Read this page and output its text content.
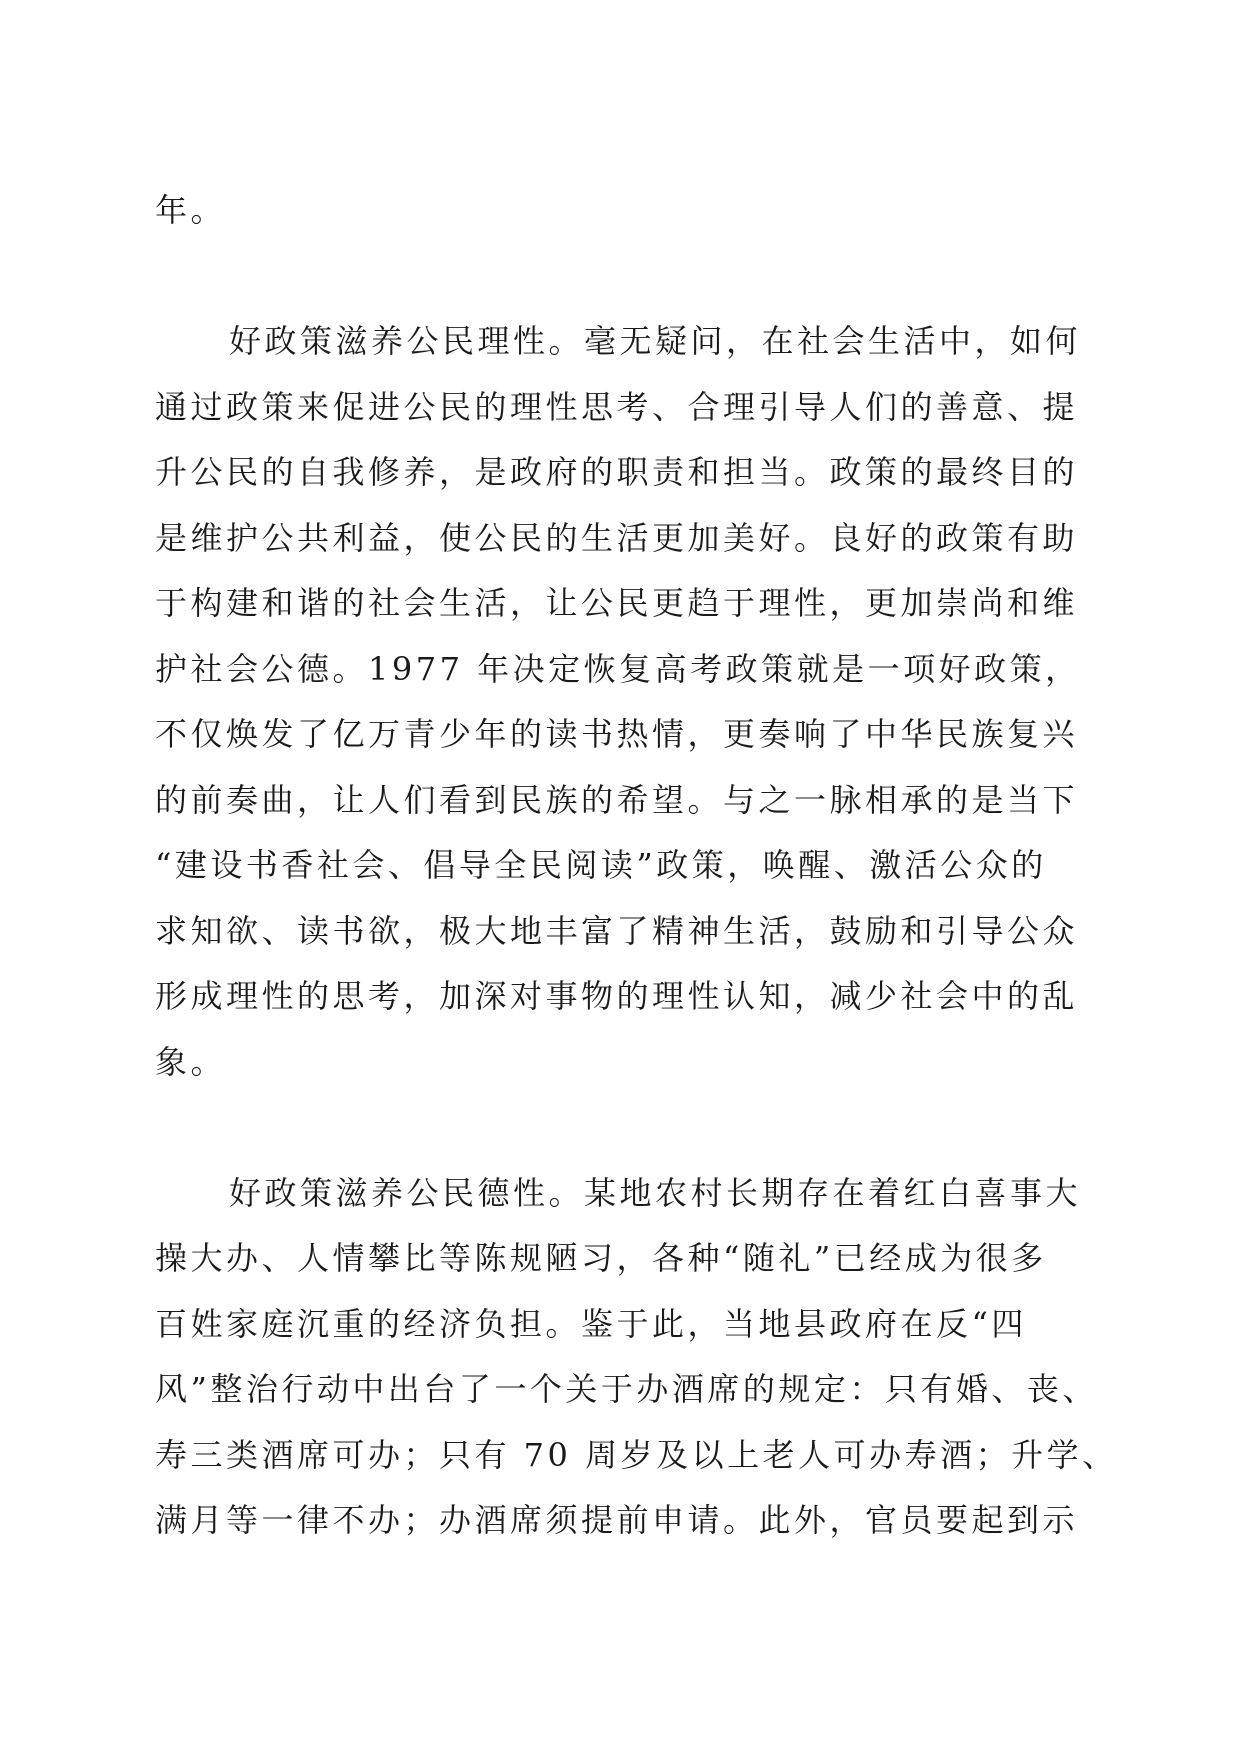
年。
好政策滋养公民理性。毫无疑问，在社会生活中，如何
通过政策来促进公民的理性思考、合理引导人们的善意、提
升公民的自我修养，是政府的职责和担当。政策的最终目的
是维护公共利益，使公民的生活更加美好。良好的政策有助
于构建和谐的社会生活，让公民更趋于理性，更加崇尚和维
护社会公德。1977 年决定恢复高考政策就是一项好政策，
不仅焕发了亿万青少年的读书热情，更奏响了中华民族复兴
的前奏曲，让人们看到民族的希望。与之一脉相承的是当下
“建设书香社会、倡导全民阅读”政策，唤醒、激活公众的
求知欲、读书欲，极大地丰富了精神生活，鼓励和引导公众
形成理性的思考，加深对事物的理性认知，减少社会中的乱
象。
好政策滋养公民德性。某地农村长期存在着红白喜事大
操大办、人情攀比等陈规陋习，各种“随礼”已经成为很多
百姓家庭沉重的经济负担。鉴于此，当地县政府在反“四
风”整治行动中出台了一个关于办酒席的规定：只有婚、丧、
寿三类酒席可办；只有 70 周岁及以上老人可办寿酒；升学、
满月等一律不办；办酒席须提前申请。此外，官员要起到示
